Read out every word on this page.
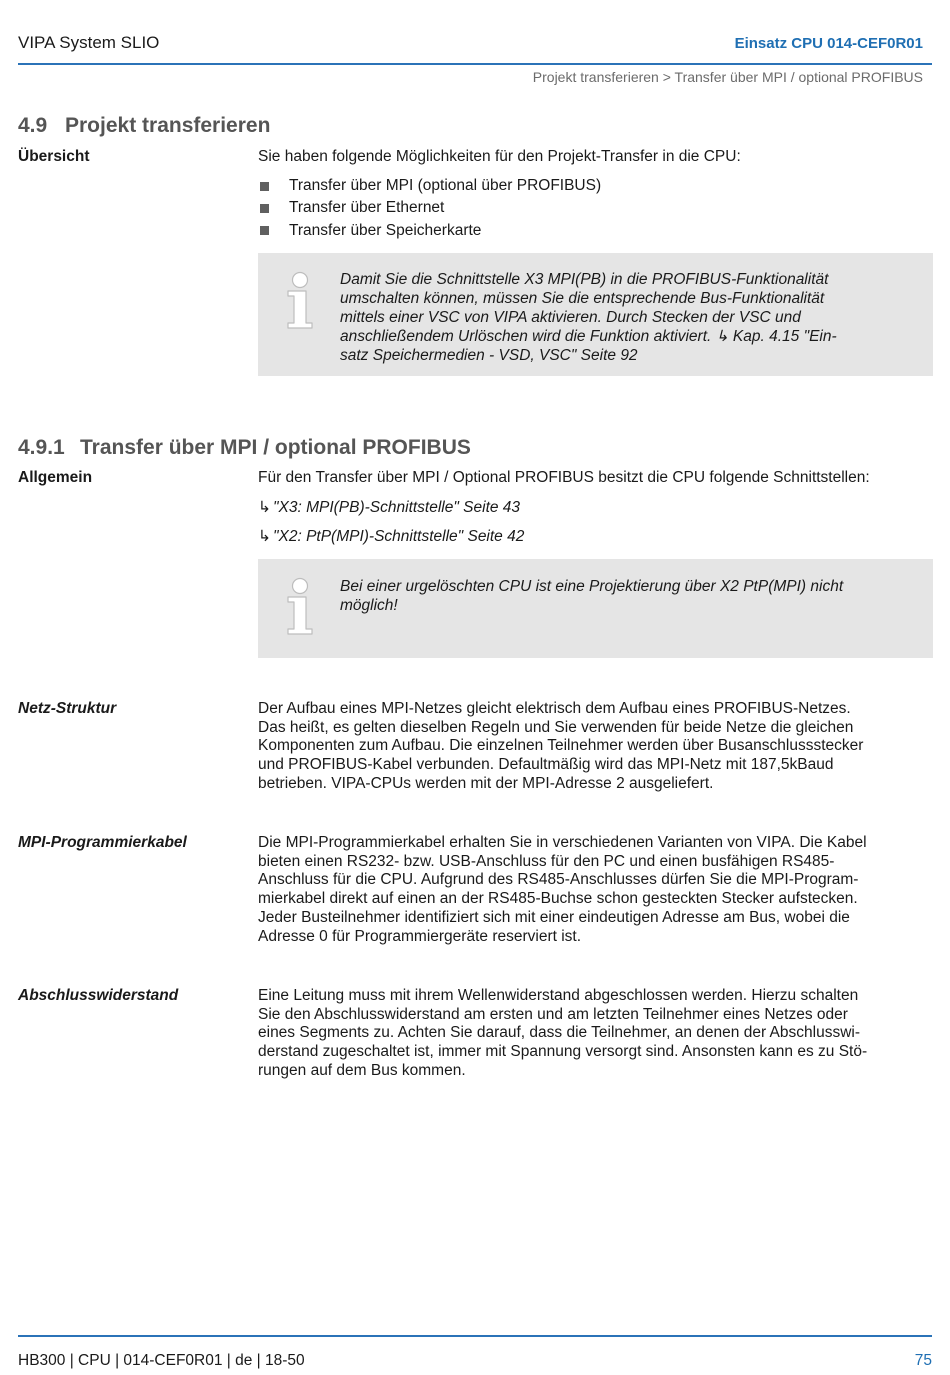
VIPA System SLIO	Einsatz CPU 014-CEF0R01
Projekt transferieren > Transfer über MPI / optional PROFIBUS
4.9 Projekt transferieren
Übersicht	Sie haben folgende Möglichkeiten für den Projekt-Transfer in die CPU:
Transfer über MPI (optional über PROFIBUS)
Transfer über Ethernet
Transfer über Speicherkarte
Damit Sie die Schnittstelle X3 MPI(PB) in die PROFIBUS-Funktionalität
umschalten können, müssen Sie die entsprechende Bus-Funktionalität
mittels einer VSC von VIPA aktivieren. Durch Stecken der VSC und
anschließendem Urlöschen wird die Funktion aktiviert. ↳ Kap. 4.15 "Ein-
satz Speichermedien - VSD, VSC" Seite 92
4.9.1 Transfer über MPI / optional PROFIBUS
Allgemein	Für den Transfer über MPI / Optional PROFIBUS besitzt die CPU folgende Schnittstellen:
↳ "X3: MPI(PB)-Schnittstelle" Seite 43
↳ "X2: PtP(MPI)-Schnittstelle" Seite 42
Bei einer urgelöschten CPU ist eine Projektierung über X2 PtP(MPI) nicht
möglich!
Netz-Struktur	Der Aufbau eines MPI-Netzes gleicht elektrisch dem Aufbau eines PROFIBUS-Netzes.
Das heißt, es gelten dieselben Regeln und Sie verwenden für beide Netze die gleichen
Komponenten zum Aufbau. Die einzelnen Teilnehmer werden über Busanschlussstecker
und PROFIBUS-Kabel verbunden. Defaultmäßig wird das MPI-Netz mit 187,5kBaud
betrieben. VIPA-CPUs werden mit der MPI-Adresse 2 ausgeliefert.
MPI-Programmierkabel	Die MPI-Programmierkabel erhalten Sie in verschiedenen Varianten von VIPA. Die Kabel
bieten einen RS232- bzw. USB-Anschluss für den PC und einen busfähigen RS485-
Anschluss für die CPU. Aufgrund des RS485-Anschlusses dürfen Sie die MPI-Program-
mierkabel direkt auf einen an der RS485-Buchse schon gesteckten Stecker aufstecken.
Jeder Busteilnehmer identifiziert sich mit einer eindeutigen Adresse am Bus, wobei die
Adresse 0 für Programmiergeräte reserviert ist.
Abschlusswiderstand	Eine Leitung muss mit ihrem Wellenwiderstand abgeschlossen werden. Hierzu schalten
Sie den Abschlusswiderstand am ersten und am letzten Teilnehmer eines Netzes oder
eines Segments zu. Achten Sie darauf, dass die Teilnehmer, an denen der Abschlusswi-
derstand zugeschaltet ist, immer mit Spannung versorgt sind. Ansonsten kann es zu Stö-
rungen auf dem Bus kommen.
HB300 | CPU | 014-CEF0R01 | de | 18-50	75
